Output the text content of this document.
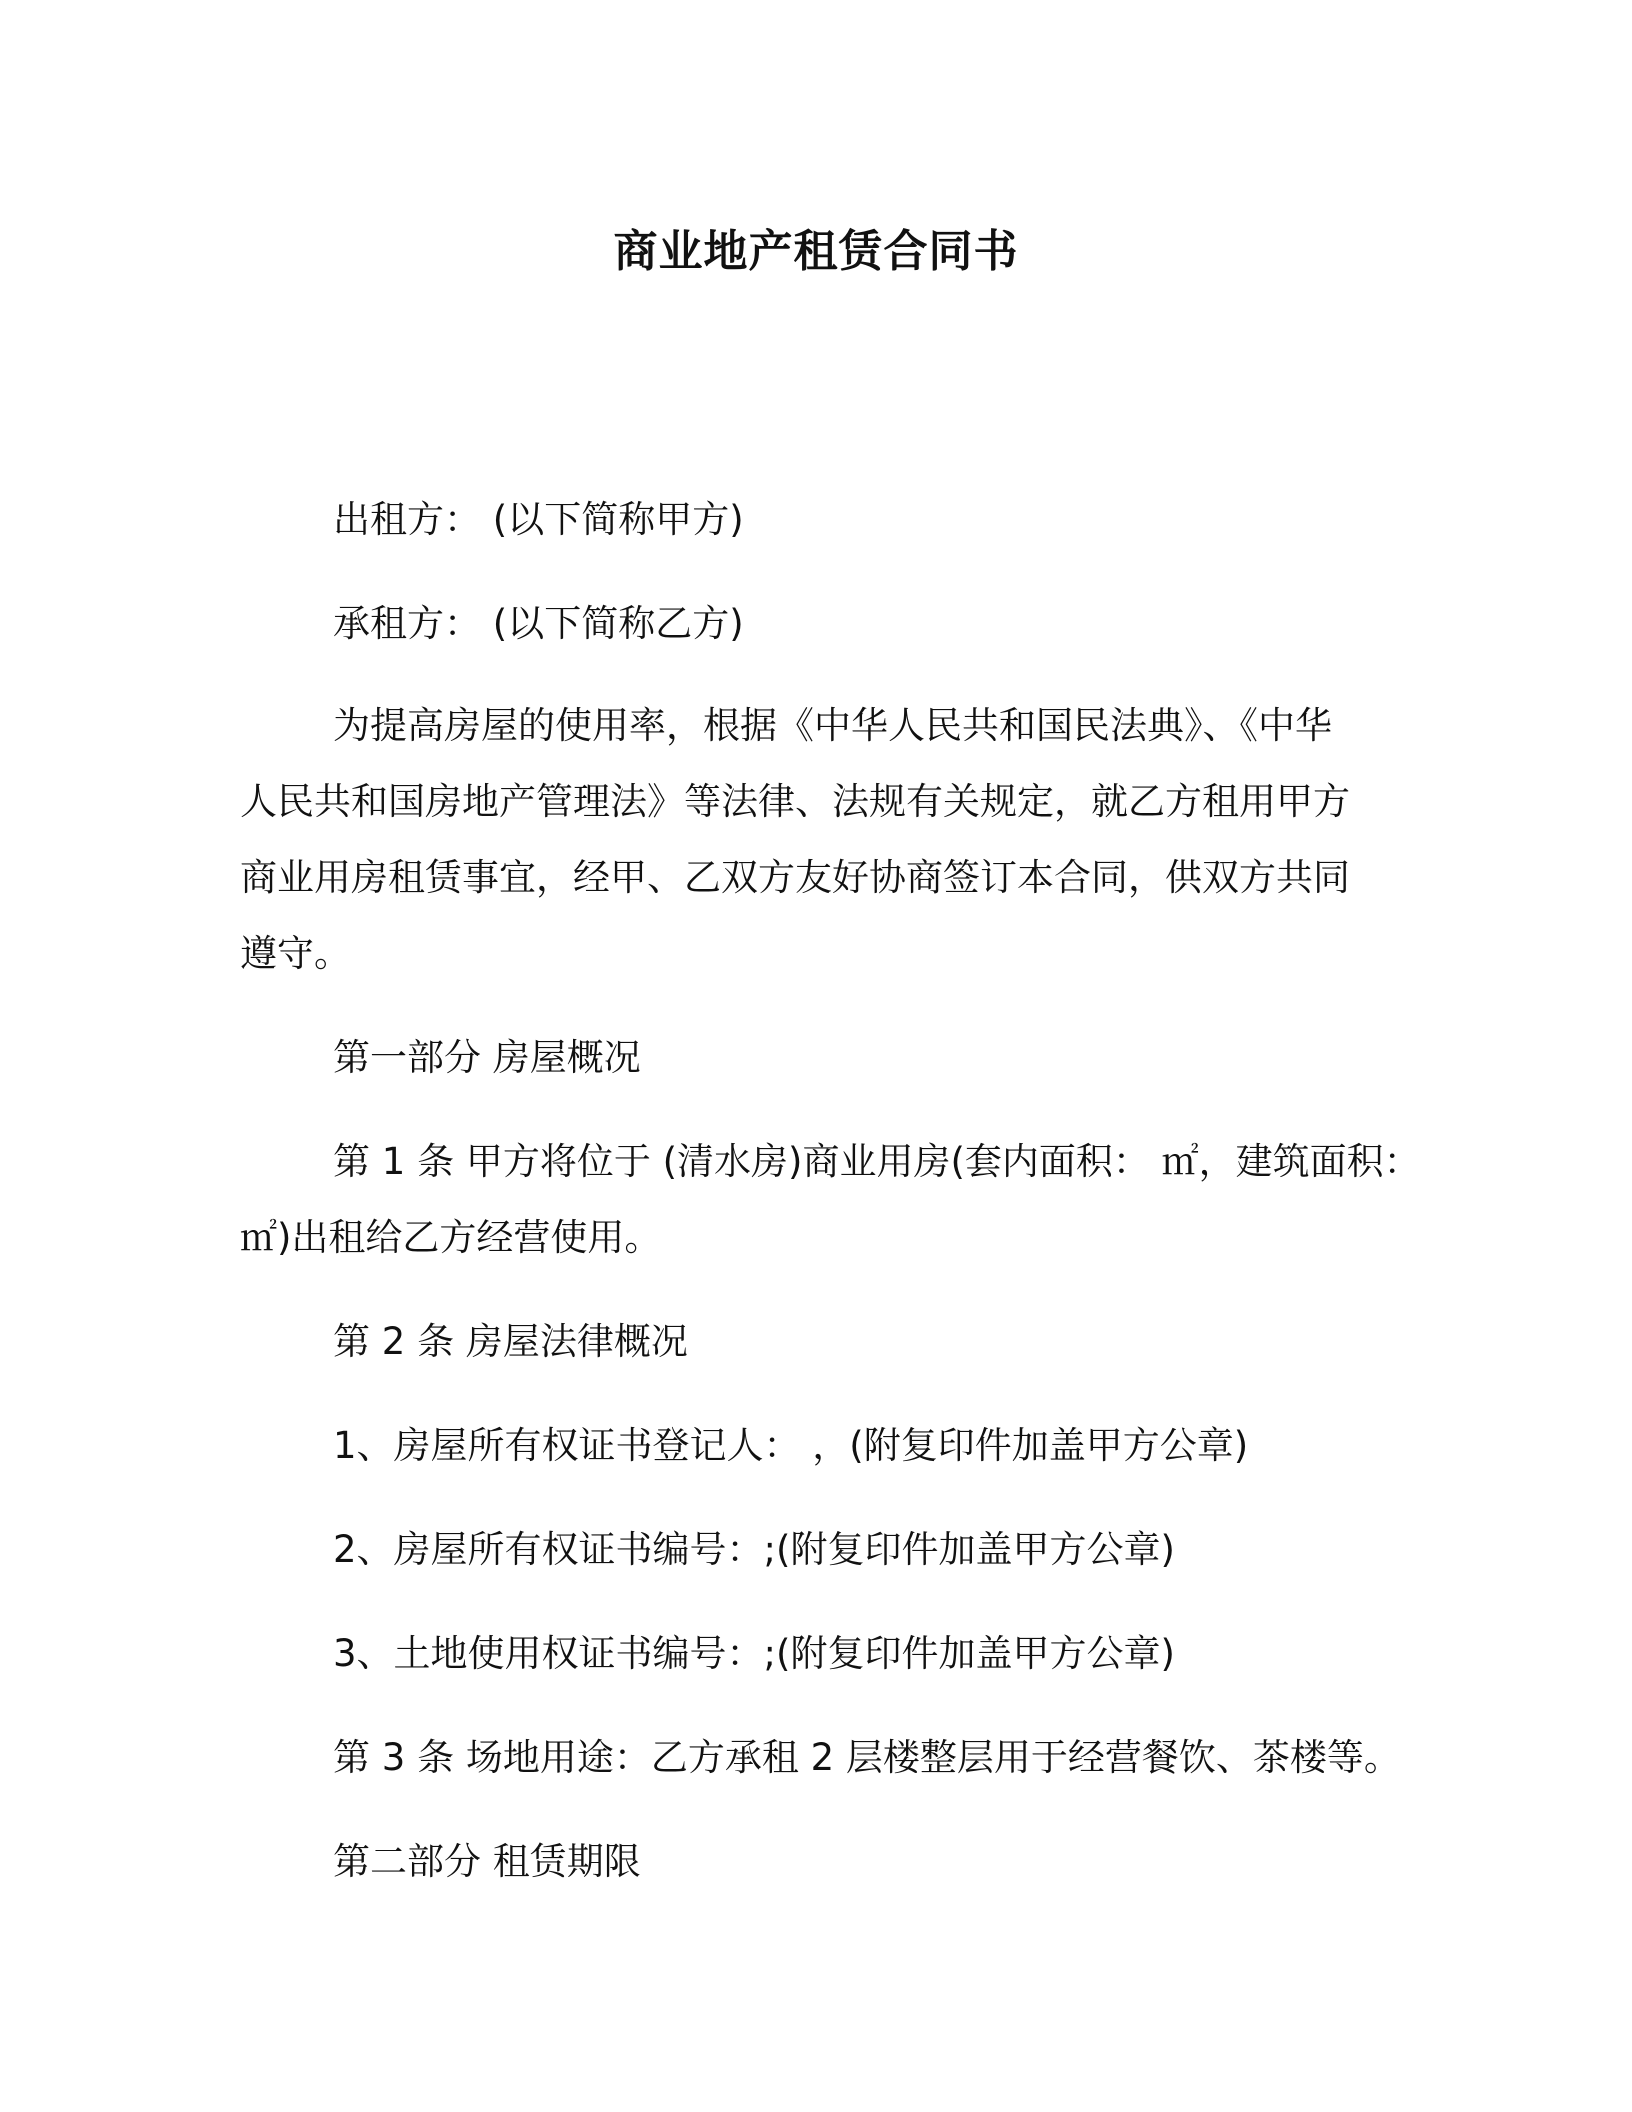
商业地产租赁合同书
出租方： (以下简称甲方)
承租方： (以下简称乙方)
为提高房屋的使用率，根据《中华人民共和国民法典》、《中华
人民共和国房地产管理法》等法律、法规有关规定，就乙方租用甲方
商业用房租赁事宜，经甲、乙双方友好协商签订本合同，供双方共同
遵守。
第一部分 房屋概况
第 1 条 甲方将位于 (清水房)商业用房(套内面积： ㎡，建筑面积：
㎡)出租给乙方经营使用。
第 2 条 房屋法律概况
1、房屋所有权证书登记人： ，(附复印件加盖甲方公章)
2、房屋所有权证书编号：;(附复印件加盖甲方公章)
3、土地使用权证书编号：;(附复印件加盖甲方公章)
第 3 条 场地用途：乙方承租 2 层楼整层用于经营餐饮、茶楼等。
第二部分 租赁期限
